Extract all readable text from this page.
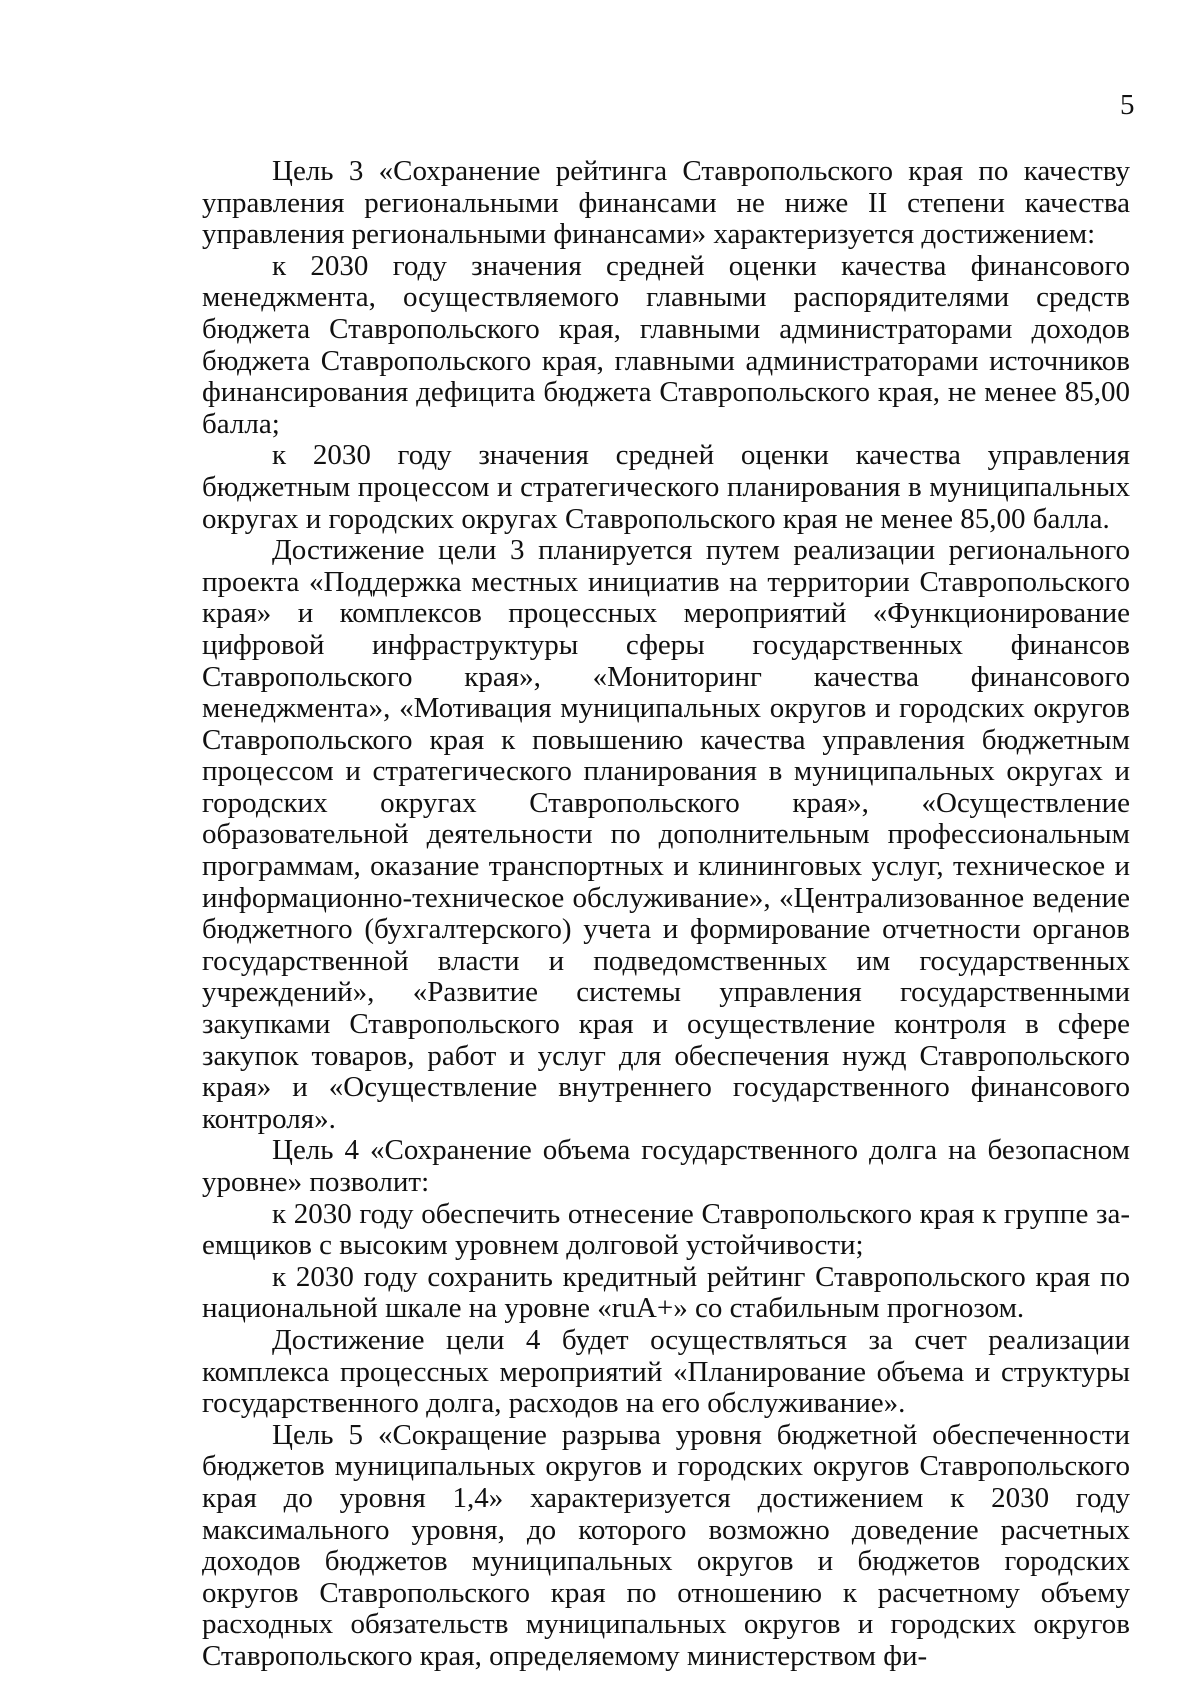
5

Цель 3 «Сохранение рейтинга Ставропольского края по качеству управления региональными финансами не ниже II степени качества управления региональными финансами» характеризуется достижением:

к 2030 году значения средней оценки качества финансового менеджмента, осуществляемого главными распорядителями средств бюджета Ставропольского края, главными администраторами доходов бюджета Ставропольского края, главными администраторами источников финансирования дефицита бюджета Ставропольского края, не менее 85,00 балла;

к 2030 году значения средней оценки качества управления бюджетным процессом и стратегического планирования в муниципальных округах и городских округах Ставропольского края не менее 85,00 балла.

Достижение цели 3 планируется путем реализации регионального проекта «Поддержка местных инициатив на территории Ставропольского края» и комплексов процессных мероприятий «Функционирование цифровой инфраструктуры сферы государственных финансов Ставропольского края», «Мониторинг качества финансового менеджмента», «Мотивация муниципальных округов и городских округов Ставропольского края к повышению качества управления бюджетным процессом и стратегического планирования в муниципальных округах и городских округах Ставропольского края», «Осуществление образовательной деятельности по дополнительным профессиональным программам, оказание транспортных и клининговых услуг, техническое и информационно-техническое обслуживание», «Централизованное ведение бюджетного (бухгалтерского) учета и формирование отчетности органов государственной власти и подведомственных им государственных учреждений», «Развитие системы управления государственными закупками Ставропольского края и осуществление контроля в сфере закупок товаров, работ и услуг для обеспечения нужд Ставропольского края» и «Осуществление внутреннего государственного финансового контроля».

Цель 4 «Сохранение объема государственного долга на безопасном уровне» позволит:

к 2030 году обеспечить отнесение Ставропольского края к группе заемщиков с высоким уровнем долговой устойчивости;

к 2030 году сохранить кредитный рейтинг Ставропольского края по национальной шкале на уровне «ruA+» со стабильным прогнозом.

Достижение цели 4 будет осуществляться за счет реализации комплекса процессных мероприятий «Планирование объема и структуры государственного долга, расходов на его обслуживание».

Цель 5 «Сокращение разрыва уровня бюджетной обеспеченности бюджетов муниципальных округов и городских округов Ставропольского края до уровня 1,4» характеризуется достижением к 2030 году максимального уровня, до которого возможно доведение расчетных доходов бюджетов муниципальных округов и бюджетов городских округов Ставропольского края по отношению к расчетному объему расходных обязательств муниципальных округов и городских округов Ставропольского края, определяемому министерством фи-
